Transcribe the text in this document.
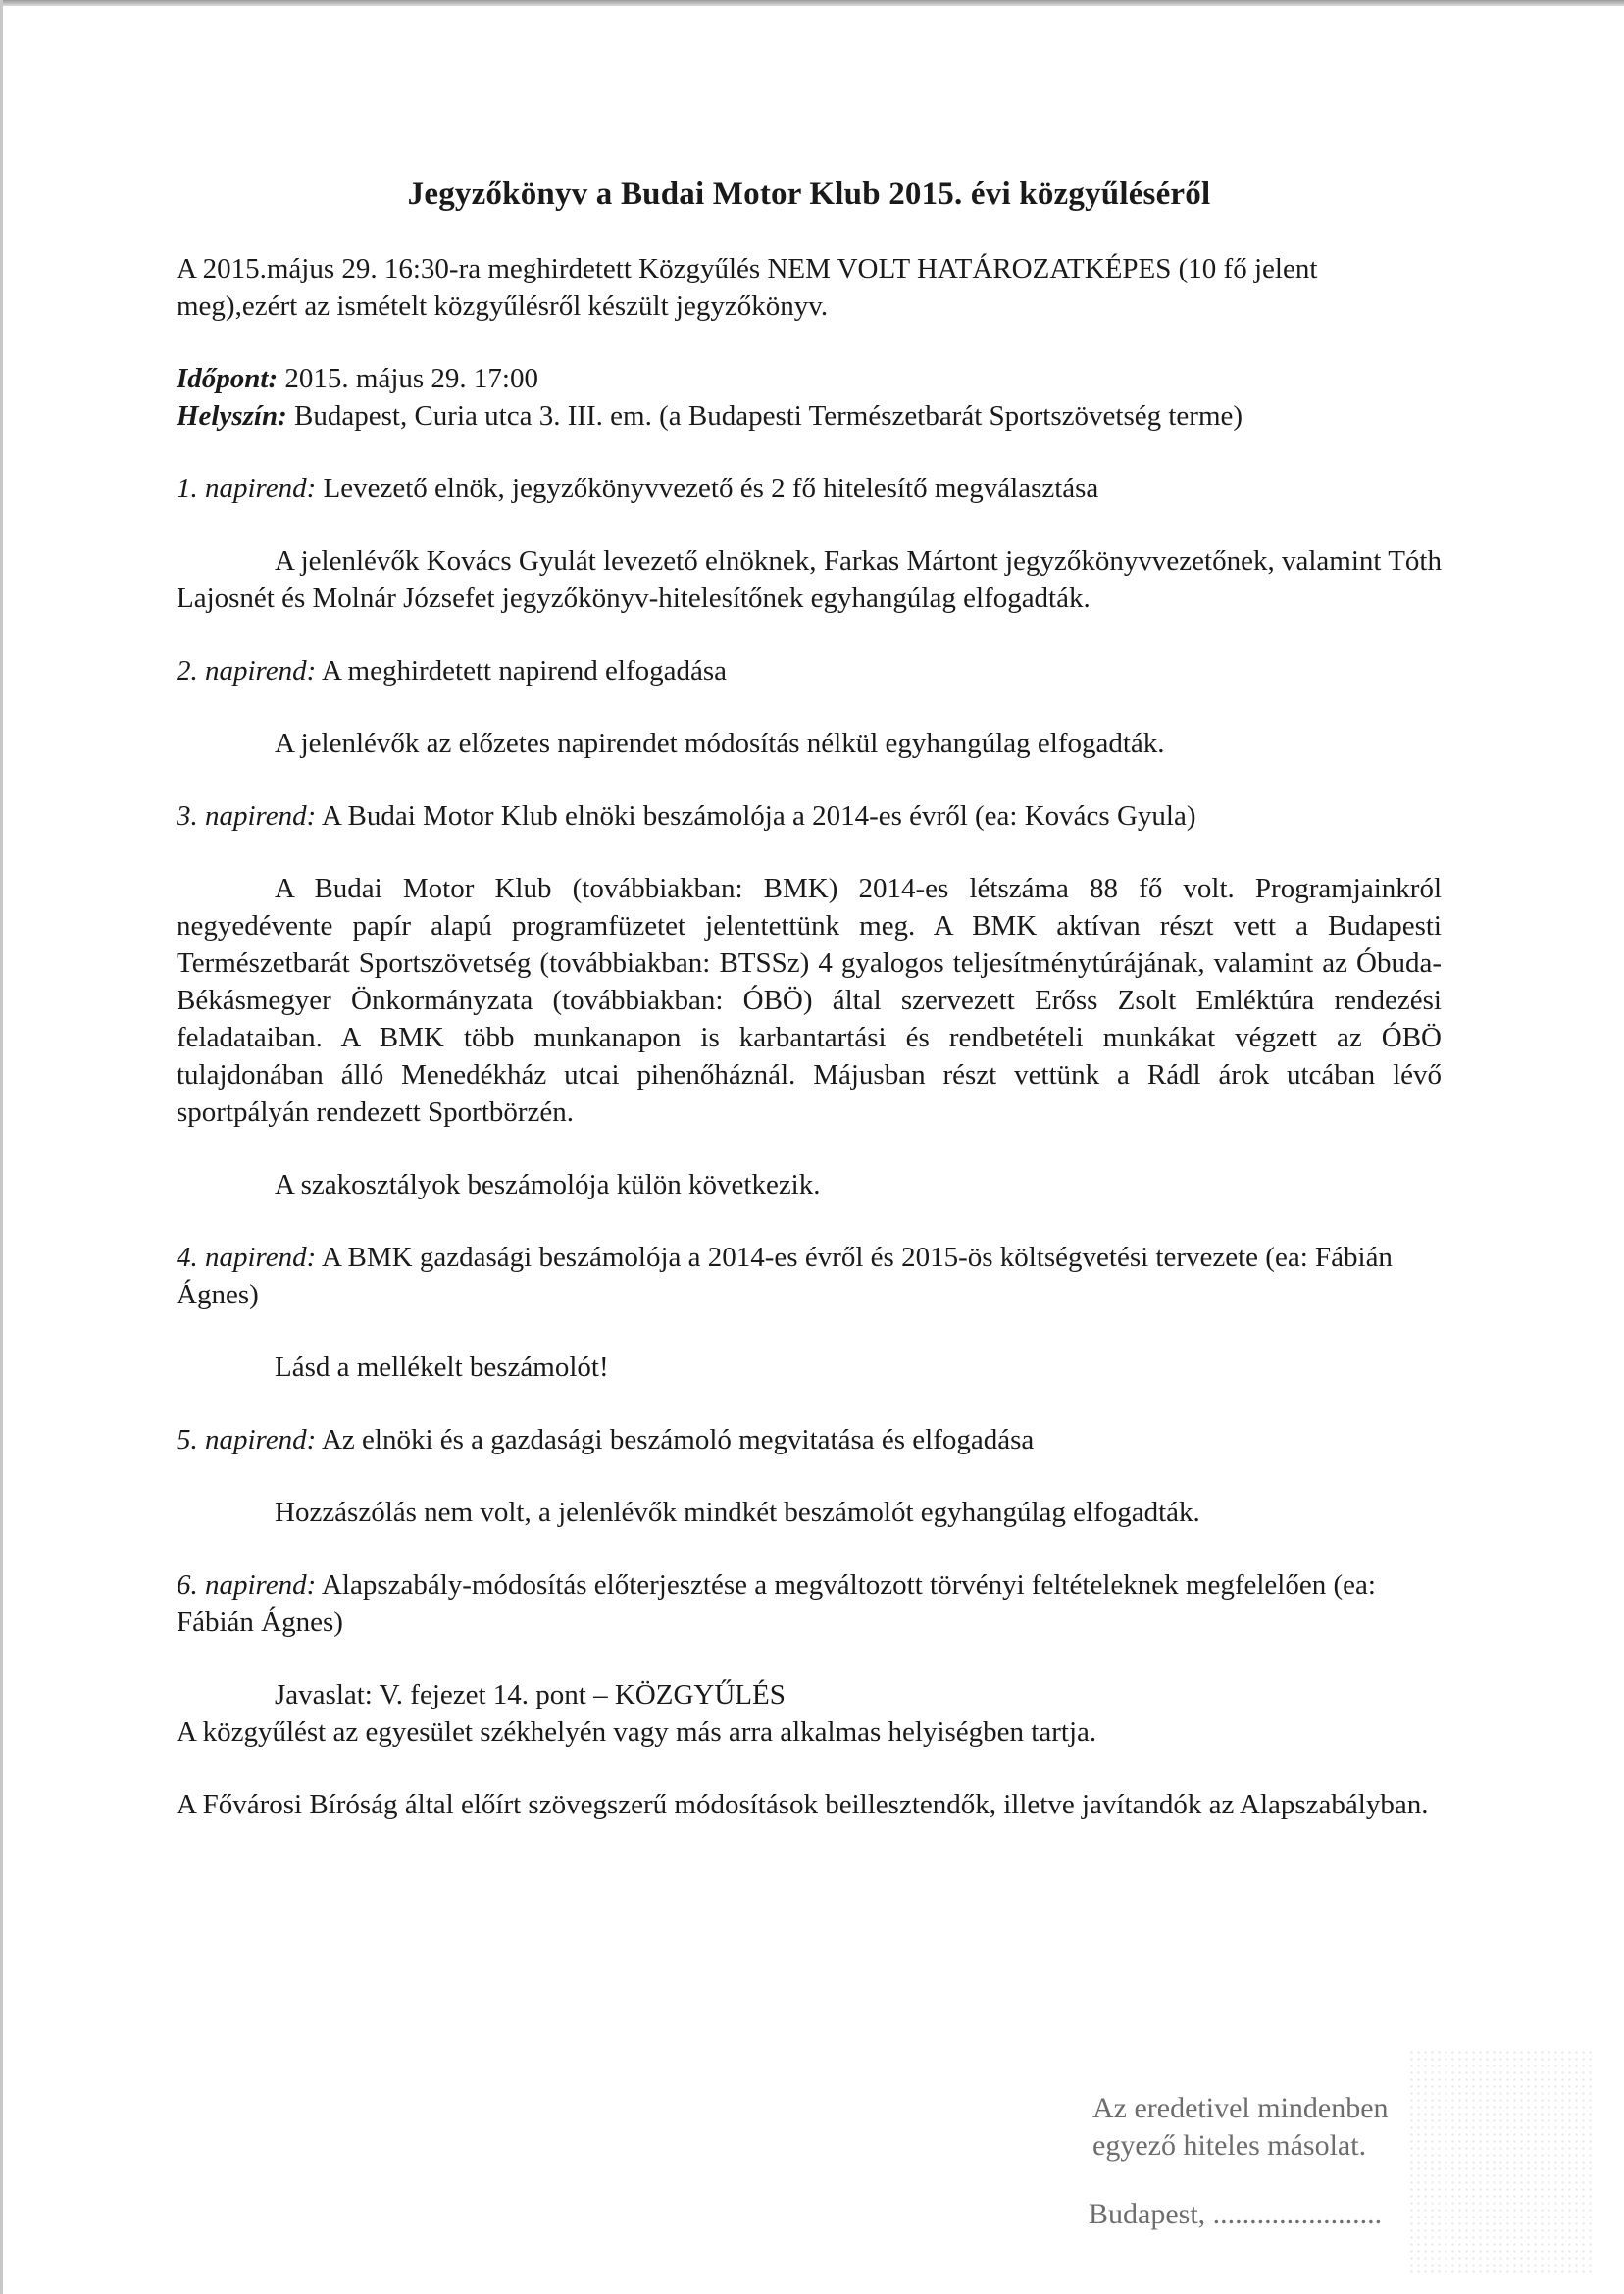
Jegyzőkönyv a Budai Motor Klub 2015. évi közgyűléséről

A 2015.május 29. 16:30-ra meghirdetett Közgyűlés NEM VOLT HATÁROZATKÉPES (10 fő jelent meg),ezért az ismételt közgyűlésről készült jegyzőkönyv.

Időpont: 2015. május 29. 17:00

Helyszín: Budapest, Curia utca 3. III. em. (a Budapesti Természetbarát Sportszövetség terme)

1. napirend: Levezető elnök, jegyzőkönyvvezető és 2 fő hitelesítő megválasztása

A jelenlévők Kovács Gyulát levezető elnöknek, Farkas Mártont jegyzőkönyvvezetőnek, valamint Tóth Lajosnét és Molnár Józsefet jegyzőkönyv-hitelesítőnek egyhangúlag elfogadták.

2. napirend: A meghirdetett napirend elfogadása

A jelenlévők az előzetes napirendet módosítás nélkül egyhangúlag elfogadták.

3. napirend: A Budai Motor Klub elnöki beszámolója a 2014-es évről (ea: Kovács Gyula)

A Budai Motor Klub (továbbiakban: BMK) 2014-es létszáma 88 fő volt. Programjainkról negyedévente papír alapú programfüzetet jelentettünk meg. A BMK aktívan részt vett a Budapesti Természetbarát Sportszövetség (továbbiakban: BTSSz) 4 gyalogos teljesítménytúrájának, valamint az Óbuda-Békásmegyer Önkormányzata (továbbiakban: ÓBÖ) által szervezett Erőss Zsolt Emléktúra rendezési feladataiban. A BMK több munkanapon is karbantartási és rendbetételi munkákat végzett az ÓBÖ tulajdonában álló Menedékház utcai pihenőháznál. Májusban részt vettünk a Rádl árok utcában lévő sportpályán rendezett Sportbörzén.

A szakosztályok beszámolója külön következik.

4. napirend: A BMK gazdasági beszámolója a 2014-es évről és 2015-ös költségvetési tervezete (ea: Fábián Ágnes)

Lásd a mellékelt beszámolót!

5. napirend: Az elnöki és a gazdasági beszámoló megvitatása és elfogadása

Hozzászólás nem volt, a jelenlévők mindkét beszámolót egyhangúlag elfogadták.

6. napirend: Alapszabály-módosítás előterjesztése a megváltozott törvényi feltételeknek megfelelően (ea: Fábián Ágnes)

Javaslat: V. fejezet 14. pont – KÖZGYŰLÉS

A közgyűlést az egyesület székhelyén vagy más arra alkalmas helyiségben tartja.

A Fővárosi Bíróság által előírt szövegszerű módosítások beillesztendők, illetve javítandók az Alapszabályban.

Az eredetivel mindenben
egyező hiteles másolat.
Budapest, .......................
